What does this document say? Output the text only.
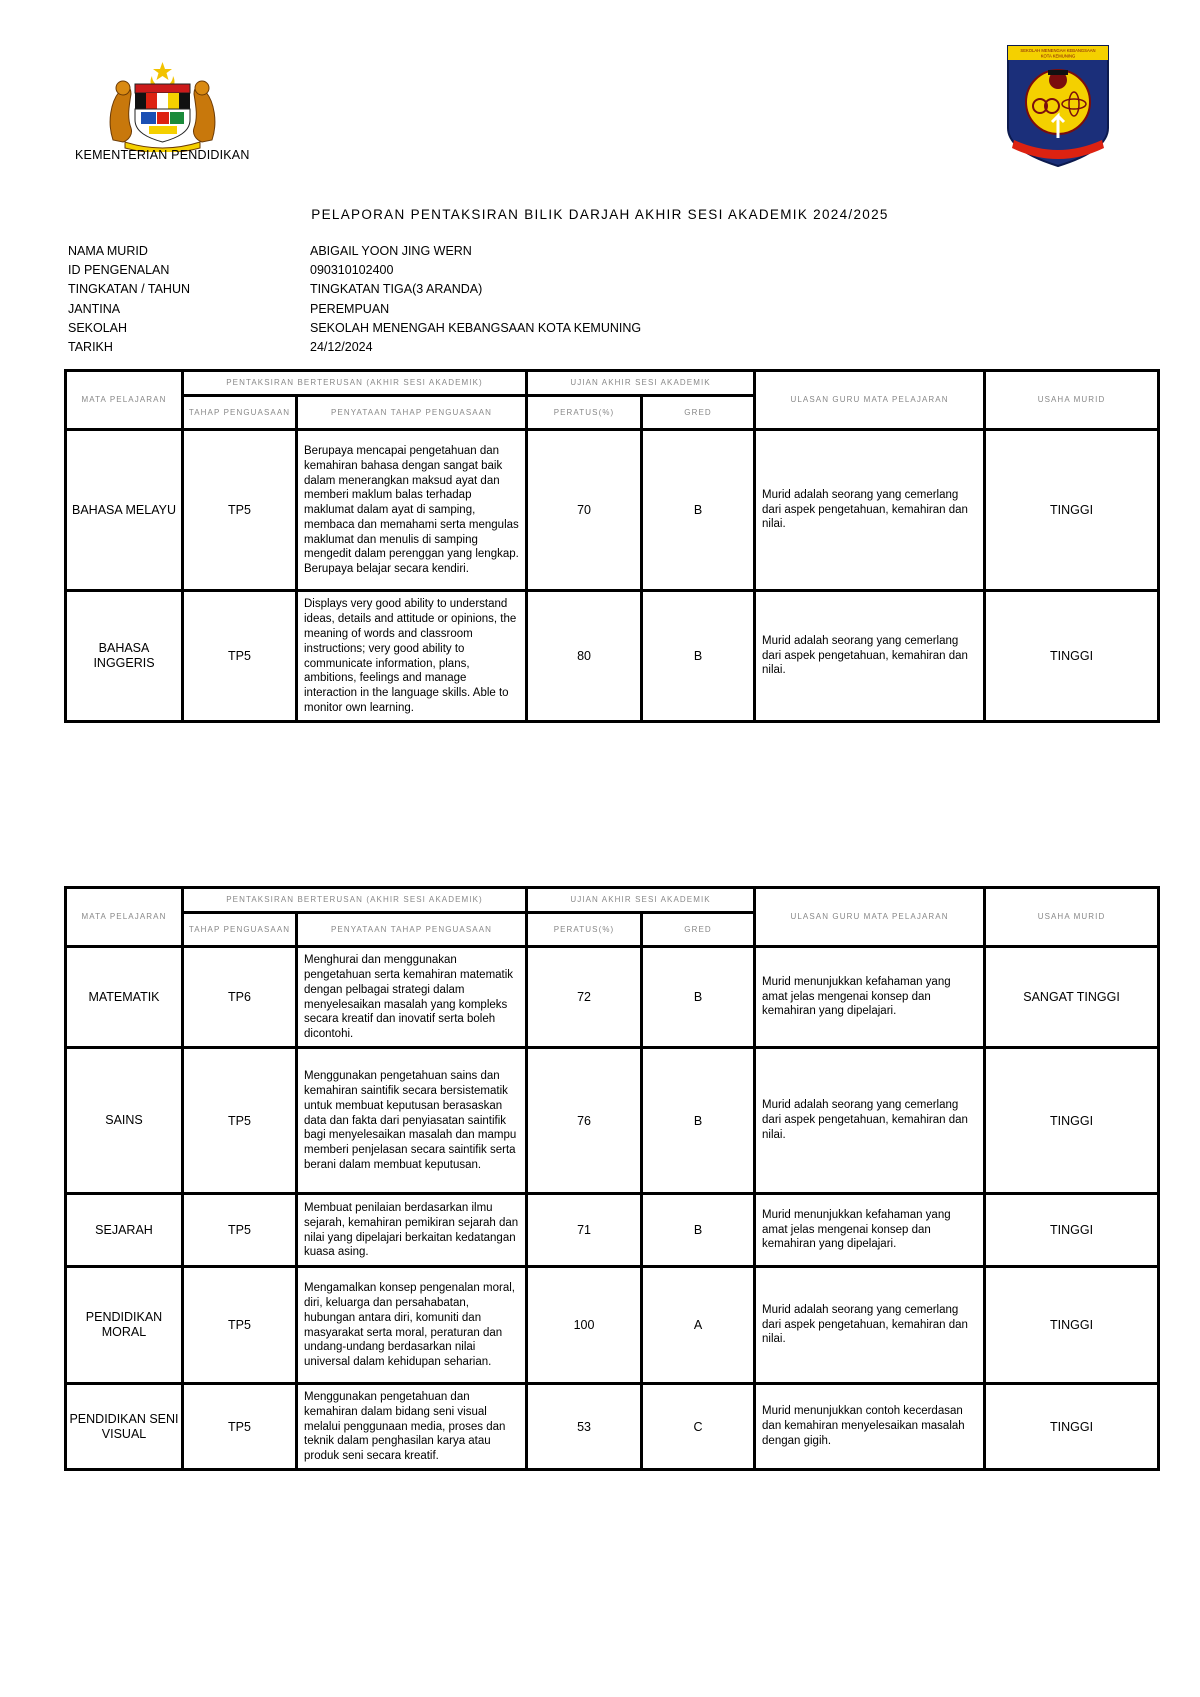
KEMENTERIAN PENDIDIKAN
SEKOLAH MENENGAH KEBANGSAAN
KOTA KEMUNING
PELAPORAN PENTAKSIRAN BILIK DARJAH AKHIR SESI AKADEMIK 2024/2025
NAMA MURID	ABIGAIL YOON JING WERN
ID PENGENALAN	090310102400
TINGKATAN / TAHUN	TINGKATAN TIGA(3 ARANDA)
JANTINA	PEREMPUAN
SEKOLAH	SEKOLAH MENENGAH KEBANGSAAN KOTA KEMUNING
TARIKH	24/12/2024
MATA PELAJARAN	PENTAKSIRAN BERTERUSAN (AKHIR SESI AKADEMIK)		UJIAN AKHIR SESI AKADEMIK		ULASAN GURU MATA PELAJARAN	USAHA MURID
	TAHAP PENGUASAAN	PENYATAAN TAHAP PENGUASAAN	PERATUS(%)	GRED		
BAHASA MELAYU	TP5	Berupaya mencapai pengetahuan dan kemahiran bahasa dengan sangat baik dalam menerangkan maksud ayat dan memberi maklum balas terhadap maklumat dalam ayat di samping, membaca dan memahami serta mengulas maklumat dan menulis di samping mengedit dalam perenggan yang lengkap. Berupaya belajar secara kendiri.	70	B	Murid adalah seorang yang cemerlang dari aspek pengetahuan, kemahiran dan nilai.	TINGGI
BAHASA INGGERIS	TP5	Displays very good ability to understand ideas, details and attitude or opinions, the meaning of words and classroom instructions; very good ability to communicate information, plans, ambitions, feelings and manage interaction in the language skills. Able to monitor own learning.	80	B	Murid adalah seorang yang cemerlang dari aspek pengetahuan, kemahiran dan nilai.	TINGGI
MATA PELAJARAN	PENTAKSIRAN BERTERUSAN (AKHIR SESI AKADEMIK)		UJIAN AKHIR SESI AKADEMIK		ULASAN GURU MATA PELAJARAN	USAHA MURID
	TAHAP PENGUASAAN	PENYATAAN TAHAP PENGUASAAN	PERATUS(%)	GRED		
MATEMATIK	TP6	Menghurai dan menggunakan pengetahuan serta kemahiran matematik dengan pelbagai strategi dalam menyelesaikan masalah yang kompleks secara kreatif dan inovatif serta boleh dicontohi.	72	B	Murid menunjukkan kefahaman yang amat jelas mengenai konsep dan kemahiran yang dipelajari.	SANGAT TINGGI
SAINS	TP5	Menggunakan pengetahuan sains dan kemahiran saintifik secara bersistematik untuk membuat keputusan berasaskan data dan fakta dari penyiasatan saintifik bagi menyelesaikan masalah dan mampu memberi penjelasan secara saintifik serta berani dalam membuat keputusan.	76	B	Murid adalah seorang yang cemerlang dari aspek pengetahuan, kemahiran dan nilai.	TINGGI
SEJARAH	TP5	Membuat penilaian berdasarkan ilmu sejarah, kemahiran pemikiran sejarah dan nilai yang dipelajari berkaitan kedatangan kuasa asing.	71	B	Murid menunjukkan kefahaman yang amat jelas mengenai konsep dan kemahiran yang dipelajari.	TINGGI
PENDIDIKAN MORAL	TP5	Mengamalkan konsep pengenalan moral, diri, keluarga dan persahabatan, hubungan antara diri, komuniti dan masyarakat serta moral, peraturan dan undang-undang berdasarkan nilai universal dalam kehidupan seharian.	100	A	Murid adalah seorang yang cemerlang dari aspek pengetahuan, kemahiran dan nilai.	TINGGI
PENDIDIKAN SENI VISUAL	TP5	Menggunakan pengetahuan dan kemahiran dalam bidang seni visual melalui penggunaan media, proses dan teknik dalam penghasilan karya atau produk seni secara kreatif.	53	C	Murid menunjukkan contoh kecerdasan dan kemahiran menyelesaikan masalah dengan gigih.	TINGGI
